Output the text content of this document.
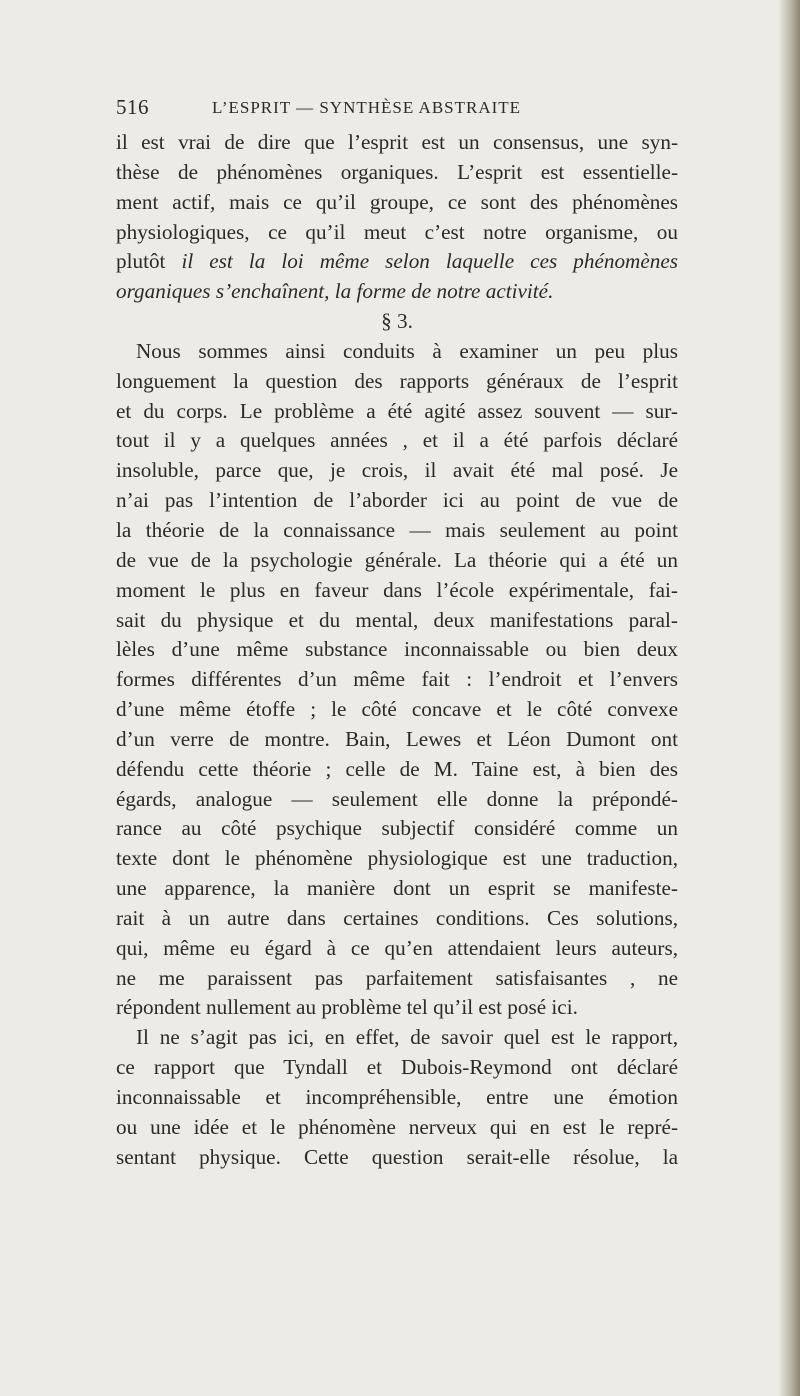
516	L’ESPRIT — SYNTHÈSE ABSTRAITE
il est vrai de dire que l’esprit est un consensus, une syn-
thèse de phénomènes organiques. L’esprit est essentielle-
ment actif, mais ce qu’il groupe, ce sont des phénomènes
physiologiques, ce qu’il meut c’est notre organisme, ou
plutôt il est la loi même selon laquelle ces phénomènes
organiques s’enchaînent, la forme de notre activité.
§ 3.
Nous sommes ainsi conduits à examiner un peu plus
longuement la question des rapports généraux de l’esprit
et du corps. Le problème a été agité assez souvent — sur-
tout il y a quelques années , et il a été parfois déclaré
insoluble, parce que, je crois, il avait été mal posé. Je
n’ai pas l’intention de l’aborder ici au point de vue de
la théorie de la connaissance — mais seulement au point
de vue de la psychologie générale. La théorie qui a été un
moment le plus en faveur dans l’école expérimentale, fai-
sait du physique et du mental, deux manifestations paral-
lèles d’une même substance inconnaissable ou bien deux
formes différentes d’un même fait : l’endroit et l’envers
d’une même étoffe ; le côté concave et le côté convexe
d’un verre de montre. Bain, Lewes et Léon Dumont ont
défendu cette théorie ; celle de M. Taine est, à bien des
égards, analogue — seulement elle donne la prépondé-
rance au côté psychique subjectif considéré comme un
texte dont le phénomène physiologique est une traduction,
une apparence, la manière dont un esprit se manifeste-
rait à un autre dans certaines conditions. Ces solutions,
qui, même eu égard à ce qu’en attendaient leurs auteurs,
ne me paraissent pas parfaitement satisfaisantes , ne
répondent nullement au problème tel qu’il est posé ici.
Il ne s’agit pas ici, en effet, de savoir quel est le rapport,
ce rapport que Tyndall et Dubois-Reymond ont déclaré
inconnaissable et incompréhensible, entre une émotion
ou une idée et le phénomène nerveux qui en est le repré-
sentant physique. Cette question serait-elle résolue, la
